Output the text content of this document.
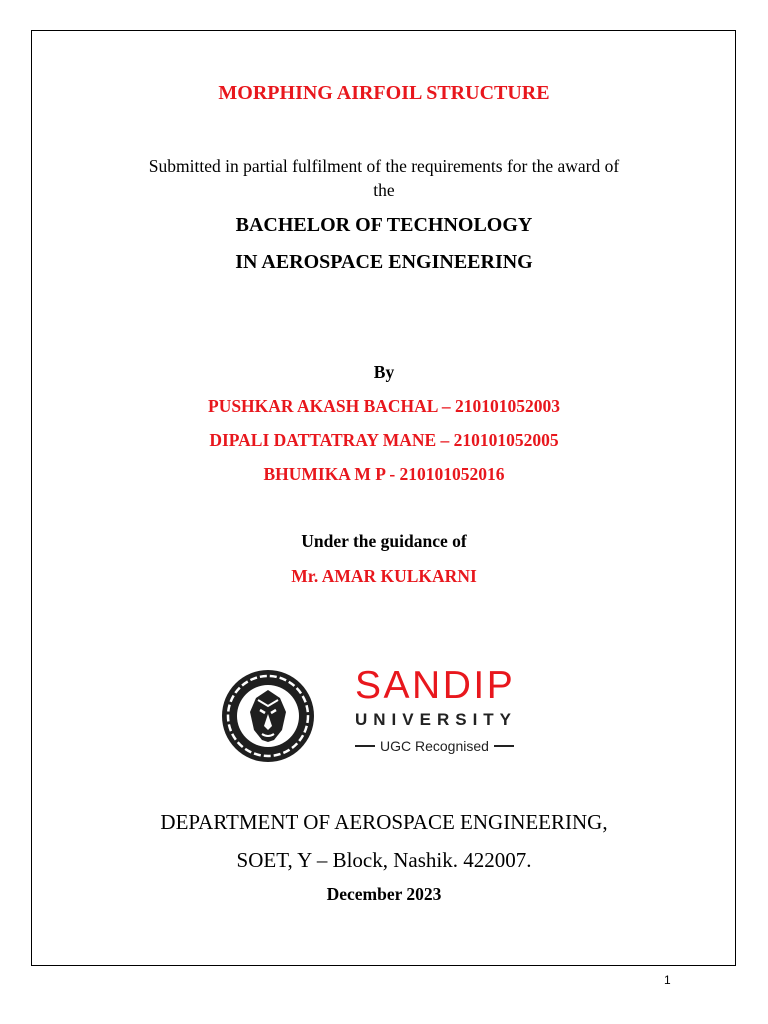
MORPHING AIRFOIL STRUCTURE
Submitted in partial fulfilment of the requirements for the award of
the
BACHELOR OF TECHNOLOGY
IN AEROSPACE ENGINEERING
By
PUSHKAR AKASH BACHAL – 210101052003
DIPALI DATTATRAY MANE – 210101052005
BHUMIKA M P - 210101052016
Under the guidance of
Mr. AMAR KULKARNI
SANDIP
UNIVERSITY
UGC Recognised
DEPARTMENT OF AEROSPACE ENGINEERING,
SOET, Y – Block, Nashik. 422007.
December 2023
1
